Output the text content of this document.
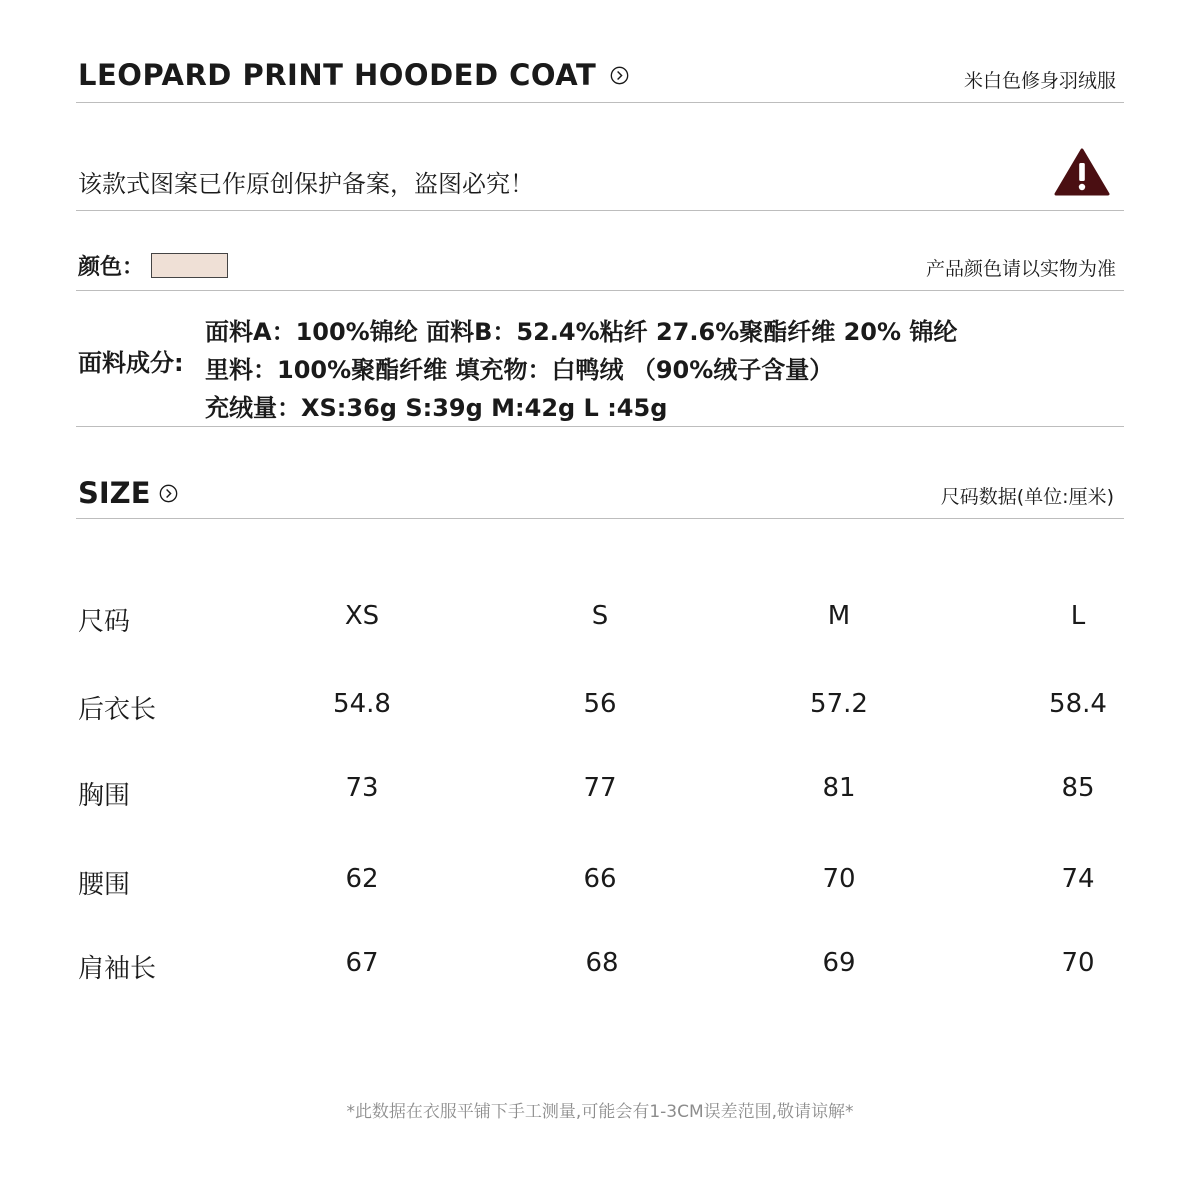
LEOPARD PRINT HOODED COAT	米白色修身羽绒服
该款式图案已作原创保护备案，盗图必究！
颜色：	产品颜色请以实物为准
面料成分:
面料A：100%锦纶 面料B：52.4%粘纤 27.6%聚酯纤维 20% 锦纶
里料：100%聚酯纤维 填充物：白鸭绒 （90%绒子含量）
充绒量：XS:36g S:39g M:42g L :45g
SIZE	尺码数据(单位:厘米)
尺码	XS	S	M	L
后衣长	54.8	56	57.2	58.4
胸围	73	77	81	85
腰围	62	66	70	74
肩袖长	67	68	69	70
*此数据在衣服平铺下手工测量,可能会有1-3CM误差范围,敬请谅解*
